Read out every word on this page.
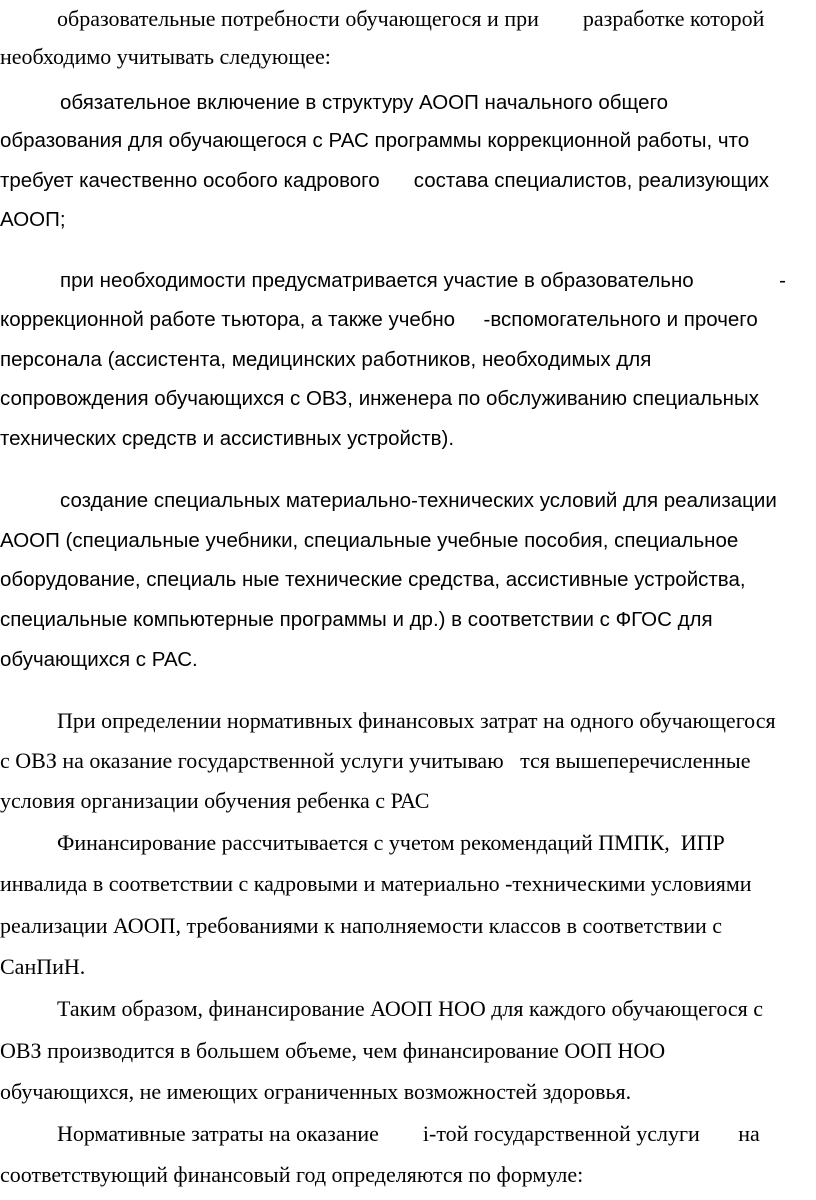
образовательные потребности обучающегося и при        разработке которой
необходимо учитывать следующее:
обязательное включение в структуру АООП начального общего
образования для обучающегося с РАС программы коррекционной работы, что
требует качественно особого кадрового      состава специалистов, реализующих
АООП;
при необходимости предусматривается участие в образовательно               -
коррекционной работе тьютора, а также учебно     -вспомогательного и прочего
персонала (ассистента, медицинских работников, необходимых для
сопровождения обучающихся с ОВЗ, инженера по обслуживанию специальных
технических средств и ассистивных устройств).
создание специальных материально-технических условий для реализации
АООП (специальные учебники, специальные учебные пособия, специальное
оборудование, специаль ные технические средства, ассистивные устройства,
специальные компьютерные программы и др.) в соответствии с ФГОС для
обучающихся с РАС.
При определении нормативных финансовых затрат на одного обучающегося
с ОВЗ на оказание государственной услуги учитываю   тся вышеперечисленные
условия организации обучения ребенка с РАС
Финансирование рассчитывается с учетом рекомендаций ПМПК,  ИПР
инвалида в соответствии с кадровыми и материально -техническими условиями
реализации АООП, требованиями к наполняемости классов в соответствии с
СанПиН.
Таким образом, финансирование АООП НОО для каждого обучающегося с
ОВЗ производится в большем объеме, чем финансирование ООП НОО
обучающихся, не имеющих ограниченных возможностей здоровья.
Нормативные затраты на оказание        i-той государственной услуги       на
соответствующий финансовый год определяются по формуле:
